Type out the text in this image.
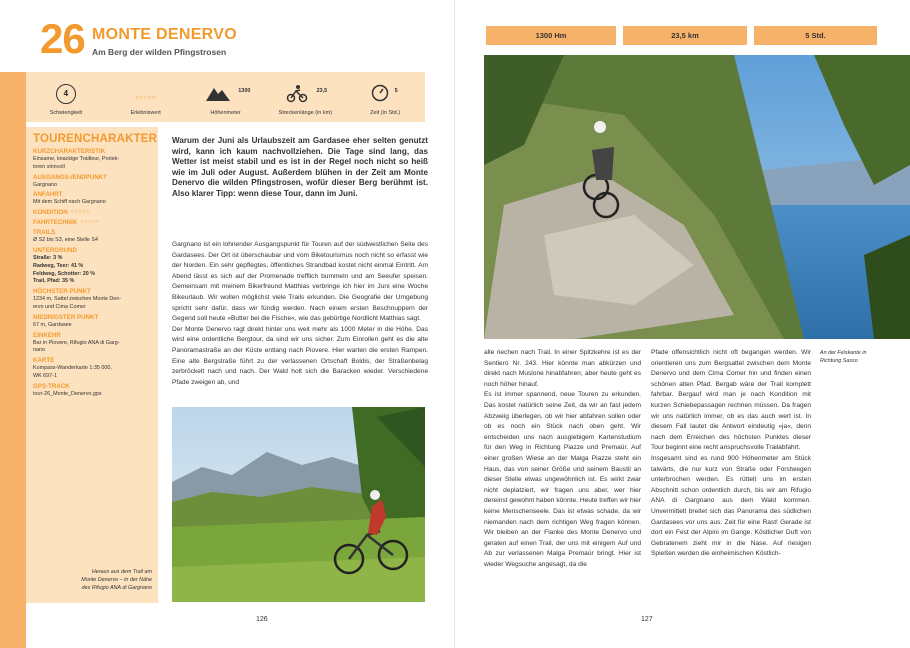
26 MONTE DENERVO
Am Berg der wilden Pfingstrosen
4
Schwierigkeit
○○○○○
Erlebniswert
1300
Höhenmeter
23,5
Streckenlänge (in km)
5
Zeit (in Std.)
TOURENCHARAKTER
KURZCHARAKTERISTIK
Einsame, knackige Trailtour, Protek-
toren sinnvoll
AUSGANGS-/ENDPUNKT
Gargnano
ANFAHRT
Mit dem Schiff nach Gargnano
KONDITION ○○○○○
FAHRTECHNIK ○○○○○
TRAILS
Ø S2 bis S3, eine Stelle S4
UNTERGRUND
Straße: 3 %
Radweg, Teer: 41 %
Feldweg, Schotter: 20 %
Trail, Pfad: 35 %
HÖCHSTER PUNKT
1234 m, Sattel zwischen Monte Den-
ervo und Cima Comer
NIEDRIGSTER PUNKT
67 m, Gardasee
EINKEHR
Bar in Piovere, Rifugio ANA di Garg-
nano
KARTE
Kompass-Wanderkarte 1:35 000,
WK 697-1
GPS-TRACK
tour-26_Monte_Denervo.gpx
Heraus aus dem Trail am
Monte Denervo – in der Nähe
des Rifugio ANA di Gargnano
Warum der Juni als Urlaubszeit am Gardasee eher selten genutzt wird, kann ich kaum nachvollziehen. Die Tage sind lang, das Wetter ist meist stabil und es ist in der Regel noch nicht so heiß wie im Juli oder August. Außerdem blühen in der Zeit am Monte Denervo die wilden Pfingstrosen, wofür dieser Berg berühmt ist. Also klarer Tipp: wenn diese Tour, dann im Juni.

Gargnano ist ein lohnender Ausgangspunkt für Touren auf der südwestlichen Seite des Gardasees. Der Ort ist überschaubar und vom Biketourismus noch nicht so erfasst wie der Norden. Ein sehr gepflegtes, öffentliches Strandbad kostet nicht einmal Eintritt. Am Abend lässt es sich auf der Promenade trefflich bummeln und am Seeufer speisen. Gemeinsam mit meinem Bikerfreund Matthias verbringe ich hier im Juni eine Woche Bikeurlaub. Wir wollen möglichst viele Trails erkunden. Die Geografie der Umgebung spricht sehr dafür, dass wir fündig werden. Nach einem ersten Beschnuppern der Gegend soll heute »Butter bei die Fische«, wie das gebürtige Nordlicht Matthias sagt.

Der Monte Denervo ragt direkt hinter uns weit mehr als 1000 Meter in die Höhe. Das wird eine ordentliche Bergtour, da sind wir uns sicher. Zum Einrollen geht es die alte Panoramastraße an der Küste entlang nach Piovere. Hier warten die ersten Rampen. Eine alte Bergstraße führt zu der verlassenen Ortschaft Boldis, der Straßenbelag zerbröckelt nach und nach. Der Wald holt sich die Baracken wieder. Verschiedene Pfade zweigen ab, und

126
1300 Hm	23,5 km	5 Std.

alle riechen nach Trail. In einer Spitzkehre ist es der Sentiero Nr. 243. Hier könnte man abkürzen und direkt nach Muslone hinabfahren; aber heute geht es noch höher hinauf.

Es ist immer spannend, neue Touren zu erkunden. Das kostet natürlich seine Zeit, da wir an fast jedem Abzweig überlegen, ob wir hier abfahren sollen oder ob es noch ein Stück nach oben geht. Wir entscheiden uns nach ausgiebigem Kartenstudium für den Weg in Richtung Piazze und Premaür. Auf einer großen Wiese an der Malga Piazze steht ein Haus, das von seiner Größe und seinem Baustil an dieser Stelle etwas ungewöhnlich ist. Es wirkt zwar nicht deplatziert, wir fragen uns aber, wer hier dereinst gewohnt haben könnte. Heute treffen wir hier keine Menschenseele. Das ist etwas schade, da wir niemanden nach dem richtigen Weg fragen können. Wir bleiben an der Flanke des Monte Denervo und geraten auf einen Trail, der uns mit einigem Auf und Ab zur verlassenen Malga Premaür bringt. Hier ist wieder Wegsuche angesagt, da die

Pfade offensichtlich nicht oft begangen werden. Wir orientieren uns zum Bergsattel zwischen dem Monte Denervo und dem Cima Comer hin und finden einen schönen alten Pfad. Bergab wäre der Trail komplett fahrbar. Bergauf wird man je nach Kondition mit kurzen Schiebepassagen rechnen müssen. Da fragen wir uns natürlich immer, ob es das auch wert ist. In diesem Fall lautet die Antwort eindeutig »ja«, denn nach dem Erreichen des höchsten Punktes dieser Tour beginnt eine recht anspruchsvolle Trailabfahrt.

Insgesamt sind es rund 900 Höhenmeter am Stück talwärts, die nur kurz von Straße oder Forstwegen unterbrochen werden. Es rüttelt uns im ersten Abschnitt schon ordentlich durch, bis wir am Rifugio ANA di Gargnano aus dem Wald kommen. Unvermittelt breitet sich das Panorama des südlichen Gardasees vor uns aus. Zeit für eine Rast! Gerade ist dort ein Fest der Alpini im Gange. Köstlicher Duft von Gebratenem zieht mir in die Nase. Auf riesigen Spießen werden die einheimischen Köstlich-

An der Felskante in
Richtung Sasso
127
